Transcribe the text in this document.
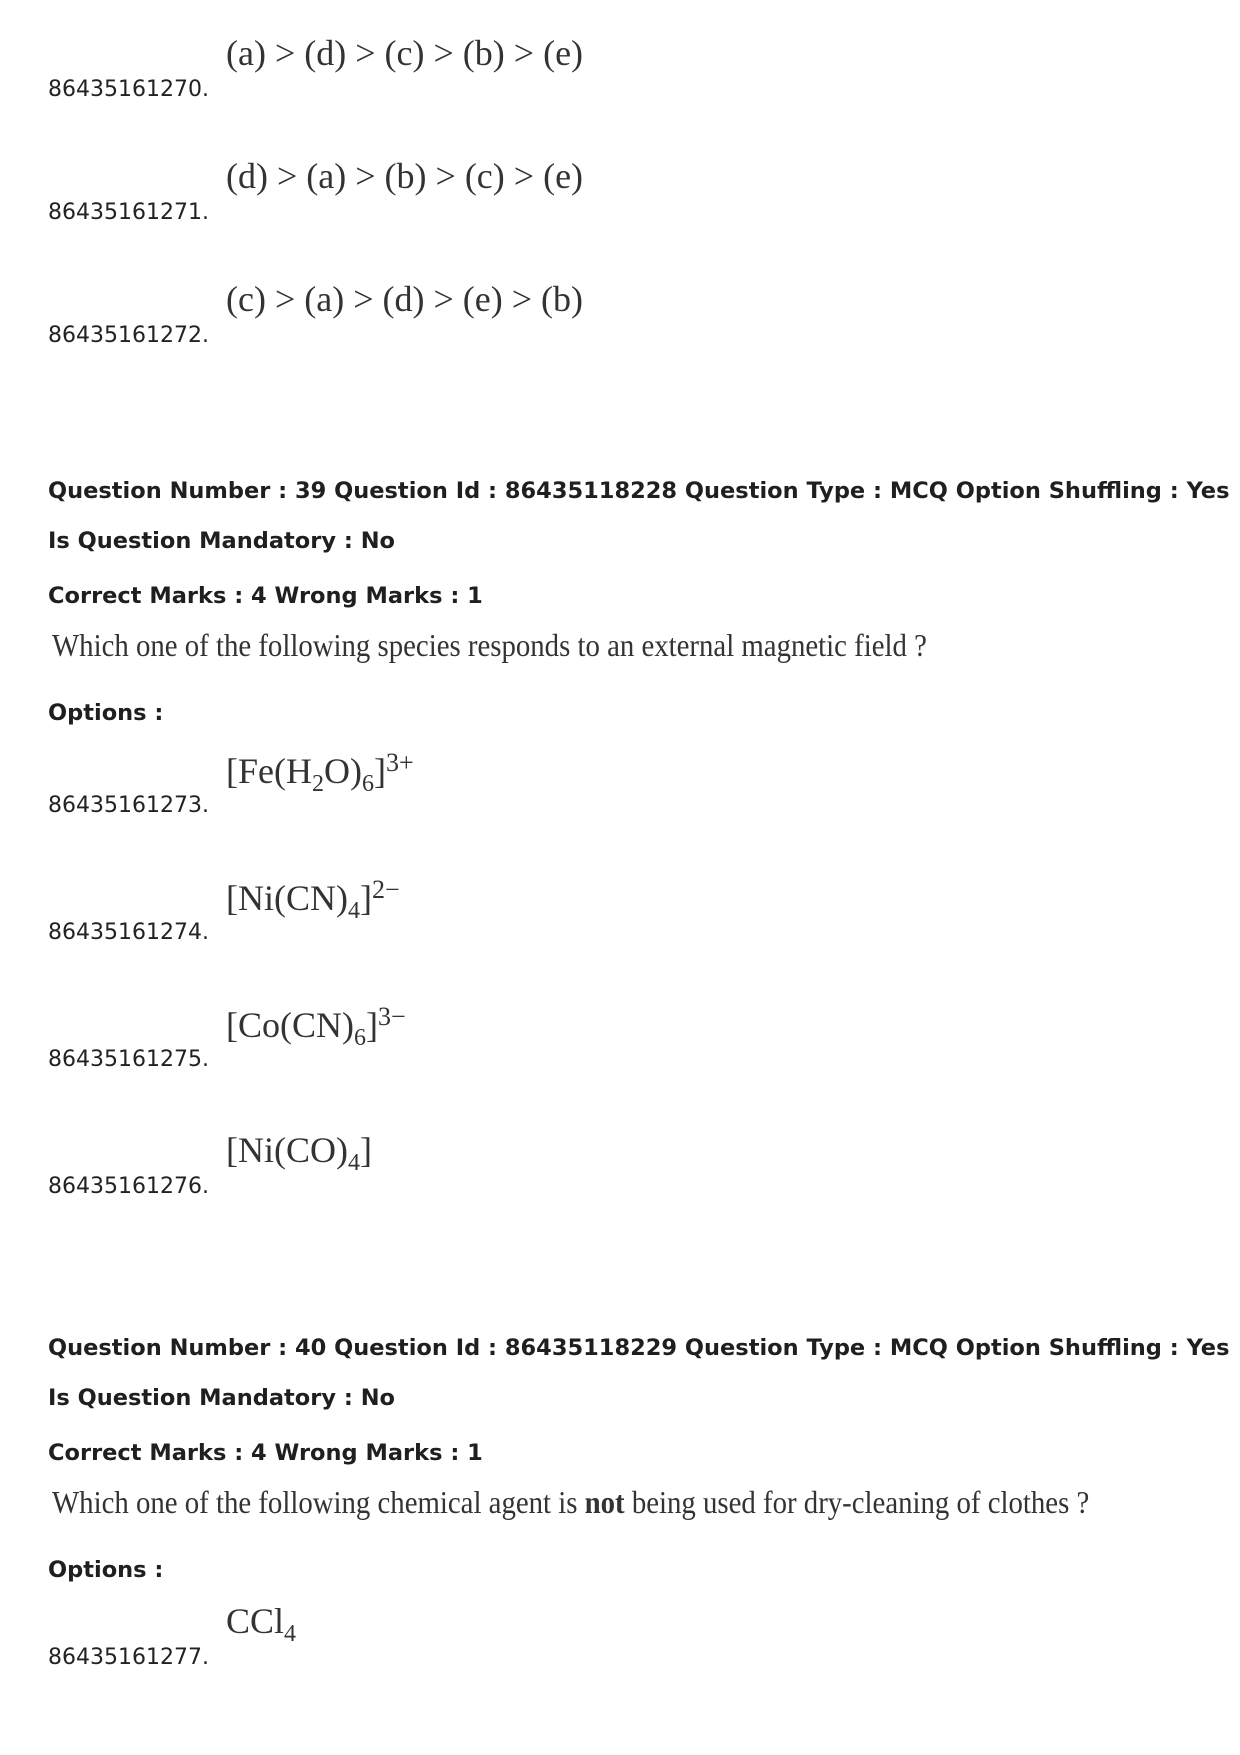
86435161270.
(a) > (d) > (c) > (b) > (e)
86435161271.
(d) > (a) > (b) > (c) > (e)
86435161272.
(c) > (a) > (d) > (e) > (b)
Question Number : 39 Question Id : 86435118228 Question Type : MCQ Option Shuffling : Yes
Is Question Mandatory : No
Correct Marks : 4 Wrong Marks : 1
Which one of the following species responds to an external magnetic field ?
Options :
86435161273.
$[Fe(H_2O)_6]^{3+}$
86435161274.
$[Ni(CN)_4]^{2-}$
86435161275.
$[Co(CN)_6]^{3-}$
86435161276.
$[Ni(CO)_4]$
Question Number : 40 Question Id : 86435118229 Question Type : MCQ Option Shuffling : Yes
Is Question Mandatory : No
Correct Marks : 4 Wrong Marks : 1
Which one of the following chemical agent is not being used for dry-cleaning of clothes ?
Options :
86435161277.
CCl$_4$
